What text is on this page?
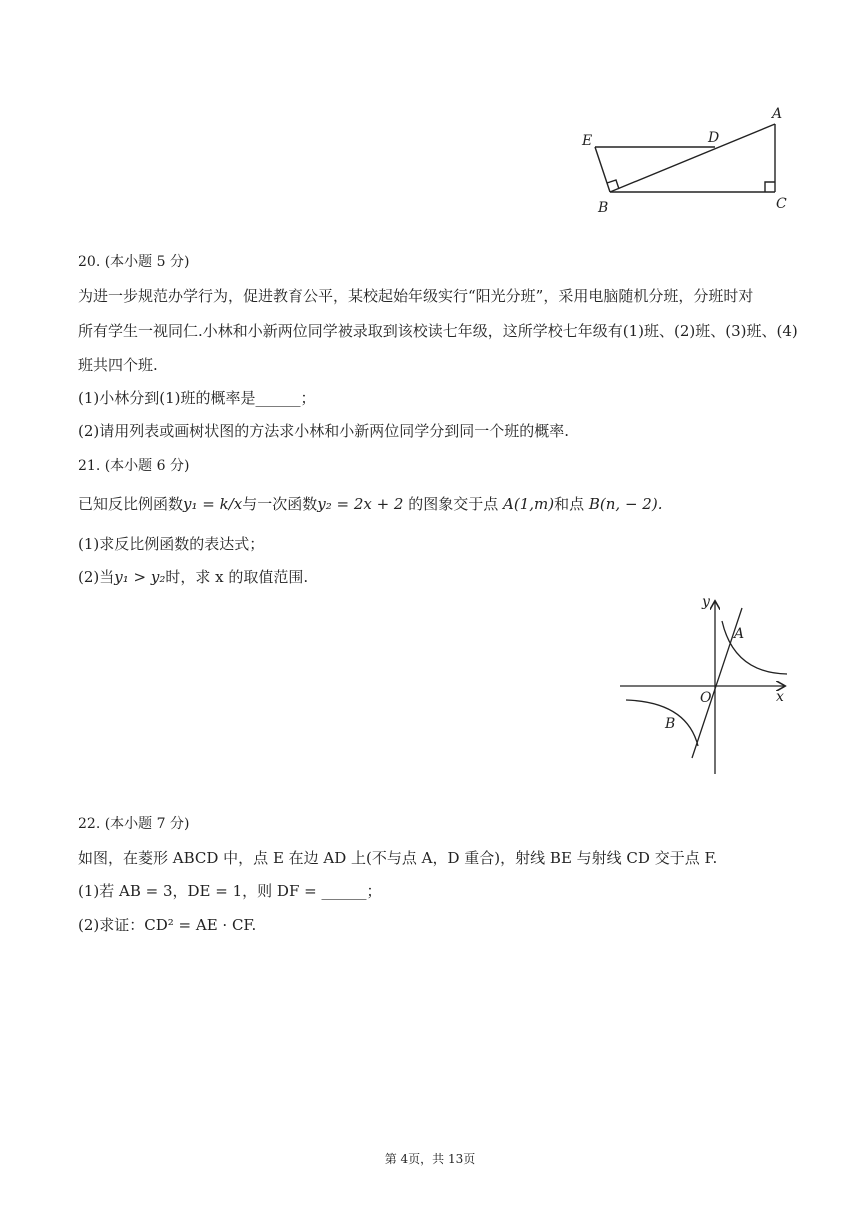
E	D
A
B	C
20. (本小题 5 分)
为进一步规范办学行为，促进教育公平，某校起始年级实行“阳光分班”，采用电脑随机分班，分班时对
所有学生一视同仁.小林和小新两位同学被录取到该校读七年级，这所学校七年级有(1)班、(2)班、(3)班、(4)
班共四个班.
(1)小林分到(1)班的概率是______；
(2)请用列表或画树状图的方法求小林和小新两位同学分到同一个班的概率.
21. (本小题 6 分)
已知反比例函数y₁ = k/x与一次函数y₂ = 2x + 2 的图象交于点 A(1,m)和点 B(n, − 2).
(1)求反比例函数的表达式；
(2)当y₁ > y₂时，求 x 的取值范围.
y
x
O
A
B
22. (本小题 7 分)
如图，在菱形 ABCD 中，点 E 在边 AD 上(不与点 A，D 重合)，射线 BE 与射线 CD 交于点 F.
(1)若 AB = 3，DE = 1，则 DF = ______；
(2)求证：CD² = AE · CF.
第 4页，共 13页
